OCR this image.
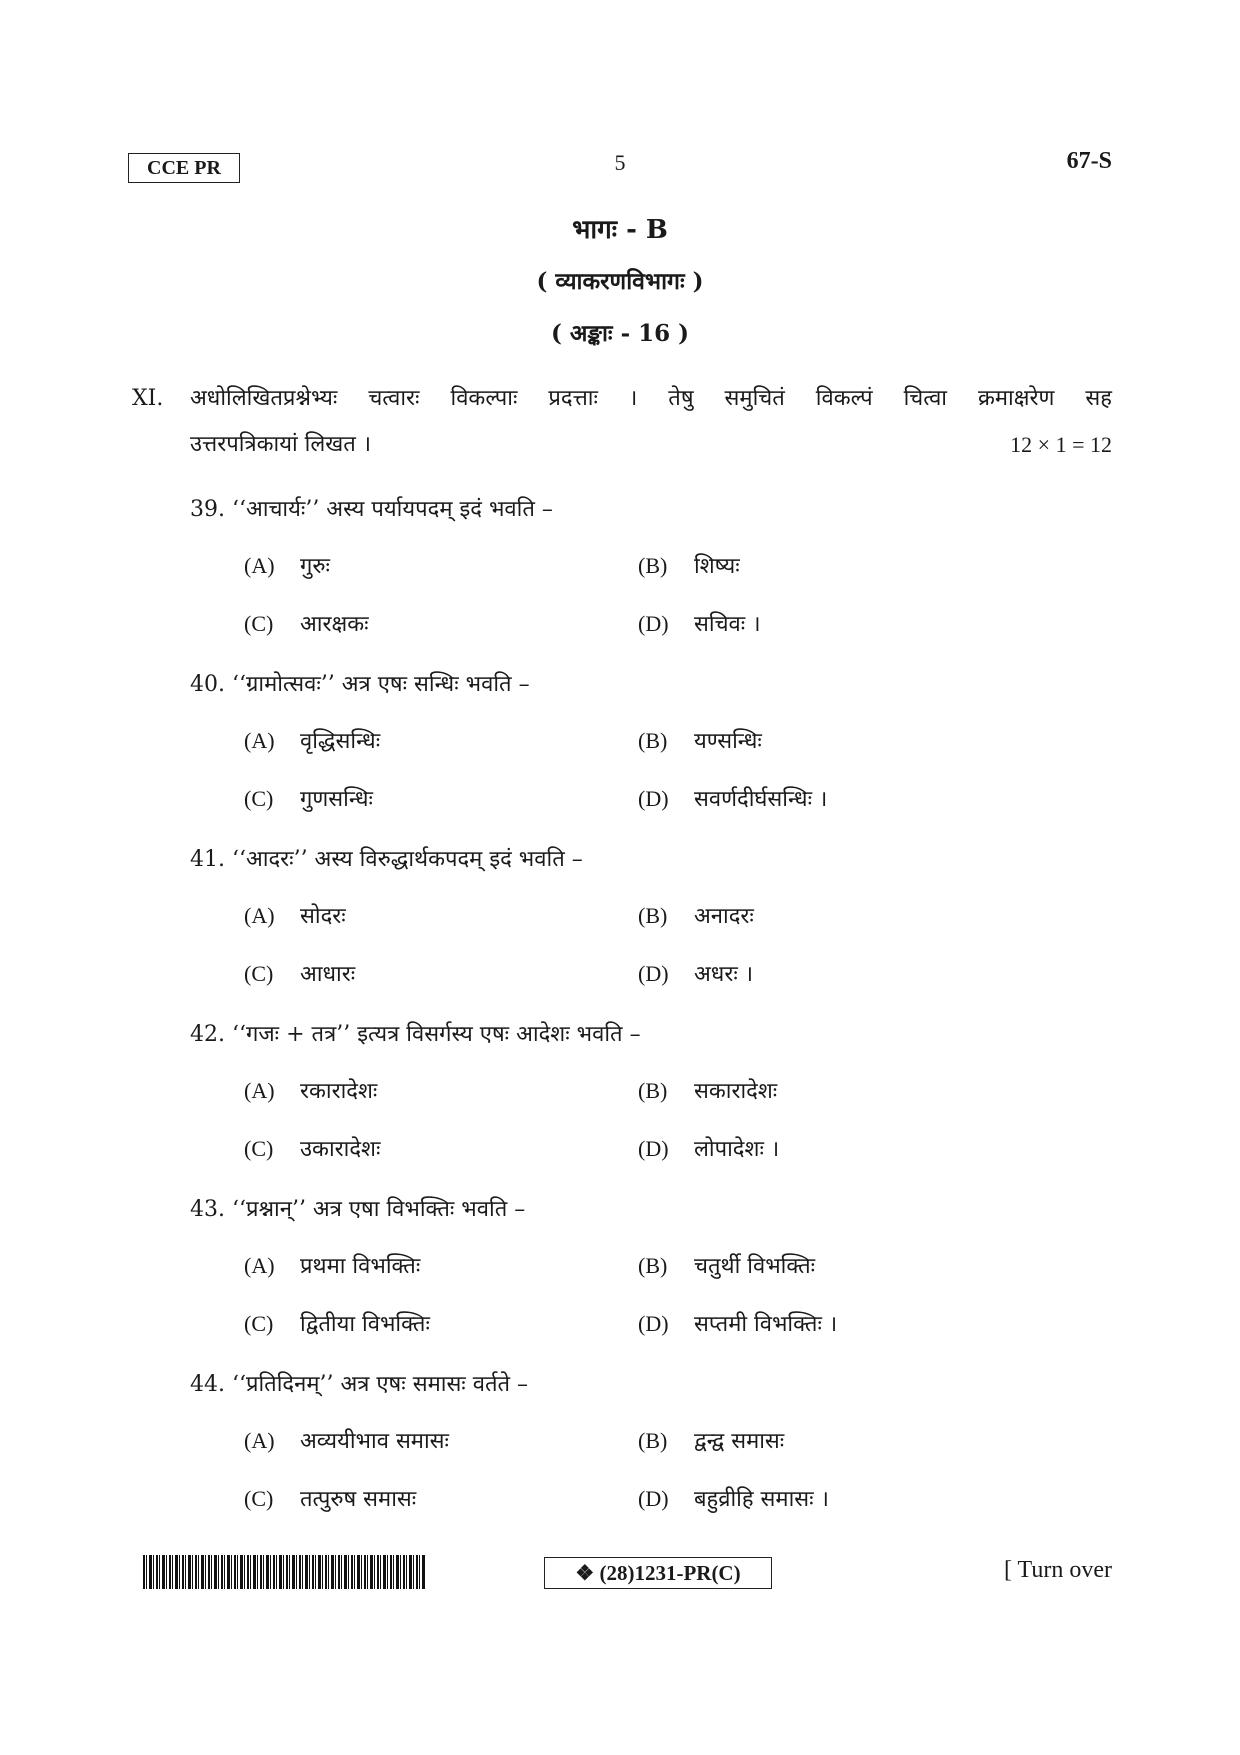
CCE PR	5	67-S
भागः - B
( व्याकरणविभागः )
( अङ्काः - 16 )
XI. अधोलिखितप्रश्नेभ्यः चत्वारः विकल्पाः प्रदत्ताः । तेषु समुचितं विकल्पं चित्वा क्रमाक्षरेण सह
उत्तरपत्रिकायां लिखत ।	12 × 1 = 12
39. ‘‘आचार्यः’’ अस्य पर्यायपदम् इदं भवति –
(A) गुरुः	(B) शिष्यः
(C) आरक्षकः	(D) सचिवः ।
40. ‘‘ग्रामोत्सवः’’ अत्र एषः सन्धिः भवति –
(A) वृद्धिसन्धिः	(B) यण्सन्धिः
(C) गुणसन्धिः	(D) सवर्णदीर्घसन्धिः ।
41. ‘‘आदरः’’ अस्य विरुद्धार्थकपदम् इदं भवति –
(A) सोदरः	(B) अनादरः
(C) आधारः	(D) अधरः ।
42. ‘‘गजः + तत्र’’ इत्यत्र विसर्गस्य एषः आदेशः भवति –
(A) रकारादेशः	(B) सकारादेशः
(C) उकारादेशः	(D) लोपादेशः ।
43. ‘‘प्रश्नान्’’ अत्र एषा विभक्तिः भवति –
(A) प्रथमा विभक्तिः	(B) चतुर्थी विभक्तिः
(C) द्वितीया विभक्तिः	(D) सप्तमी विभक्तिः ।
44. ‘‘प्रतिदिनम्’’ अत्र एषः समासः वर्तते –
(A) अव्ययीभाव समासः	(B) द्वन्द्व समासः
(C) तत्पुरुष समासः	(D) बहुव्रीहि समासः ।
❖ (28)1231-PR(C)	[ Turn over
